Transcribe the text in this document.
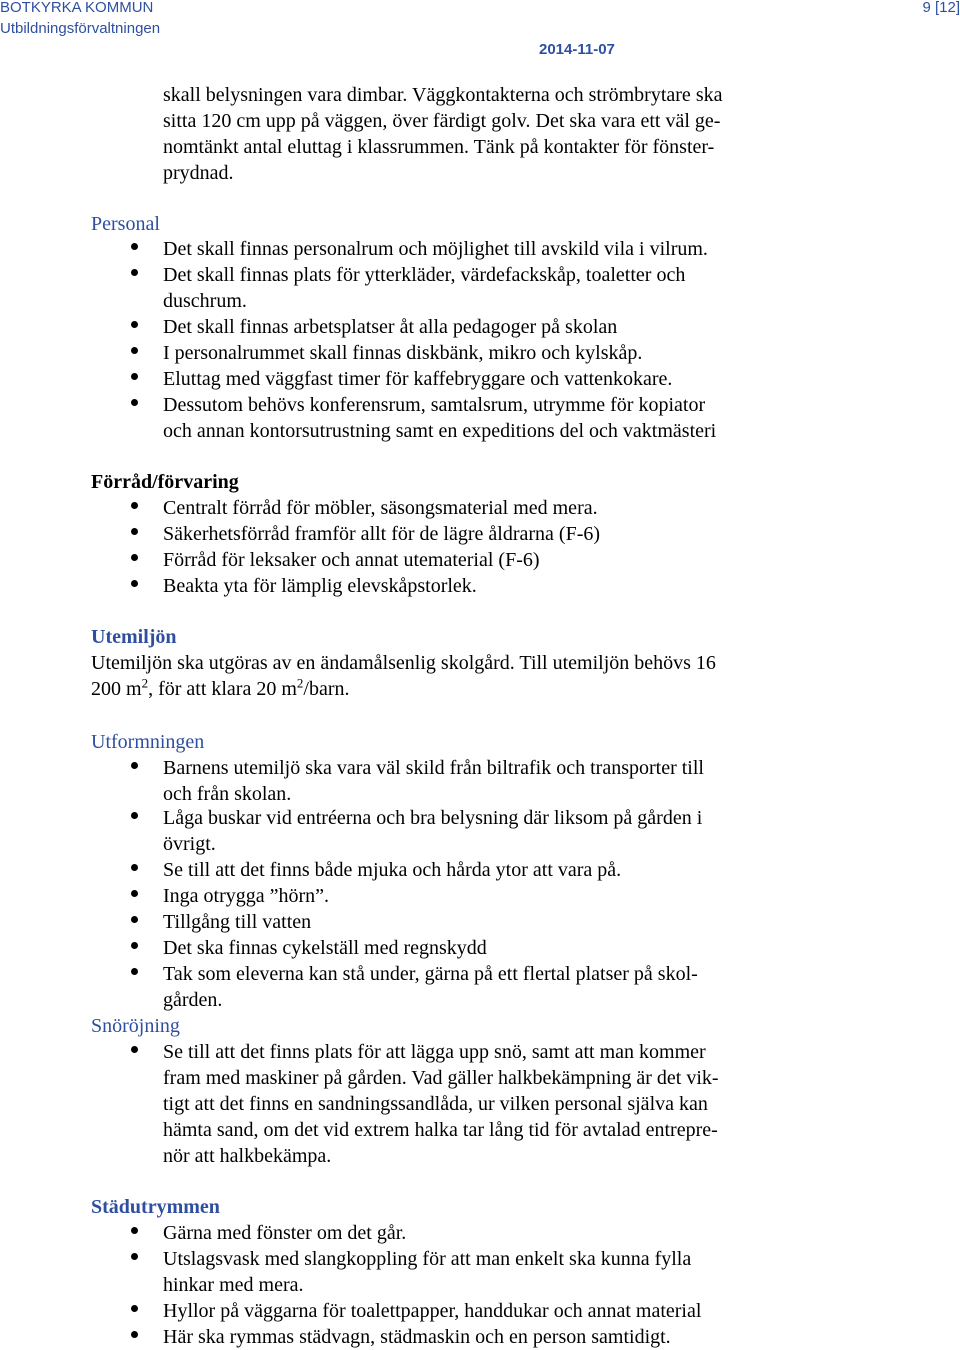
BOTKYRKA KOMMUN
Utbildningsförvaltningen
9 [12]
2014-11-07
skall belysningen vara dimbar. Väggkontakterna och strömbrytare ska
sitta 120 cm upp på väggen, över färdigt golv. Det ska vara ett väl ge-
nomtänkt antal eluttag i klassrummen. Tänk på kontakter för fönster-
prydnad.
Personal
Det skall finnas personalrum och möjlighet till avskild vila i vilrum.
Det skall finnas plats för ytterkläder, värdefackskåp, toaletter och
duschrum.
Det skall finnas arbetsplatser åt alla pedagoger på skolan
I personalrummet skall finnas diskbänk, mikro och kylskåp.
Eluttag med väggfast timer för kaffebryggare och vattenkokare.
Dessutom behövs konferensrum, samtalsrum, utrymme för kopiator
och annan kontorsutrustning samt en expeditions del och vaktmästeri
Förråd/förvaring
Centralt förråd för möbler, säsongsmaterial med mera.
Säkerhetsförråd framför allt för de lägre åldrarna (F-6)
Förråd för leksaker och annat utematerial (F-6)
Beakta yta för lämplig elevskåpstorlek.
Utemiljön
Utemiljön ska utgöras av en ändamålsenlig skolgård. Till utemiljön behövs 16
200 $m^2$, för att klara 20 $m^2$/barn.
Utformningen
Barnens utemiljö ska vara väl skild från biltrafik och transporter till
och från skolan.
Låga buskar vid entréerna och bra belysning där liksom på gården i
övrigt.
Se till att det finns både mjuka och hårda ytor att vara på.
Inga otrygga ”hörn”.
Tillgång till vatten
Det ska finnas cykelställ med regnskydd
Tak som eleverna kan stå under, gärna på ett flertal platser på skol-
gården.
Snöröjning
Se till att det finns plats för att lägga upp snö, samt att man kommer
fram med maskiner på gården. Vad gäller halkbekämpning är det vik-
tigt att det finns en sandningssandlåda, ur vilken personal själva kan
hämta sand, om det vid extrem halka tar lång tid för avtalad entrepre-
nör att halkbekämpa.
Städutrymmen
Gärna med fönster om det går.
Utslagsvask med slangkoppling för att man enkelt ska kunna fylla
hinkar med mera.
Hyllor på väggarna för toalettpapper, handdukar och annat material
Här ska rymmas städvagn, städmaskin och en person samtidigt.
